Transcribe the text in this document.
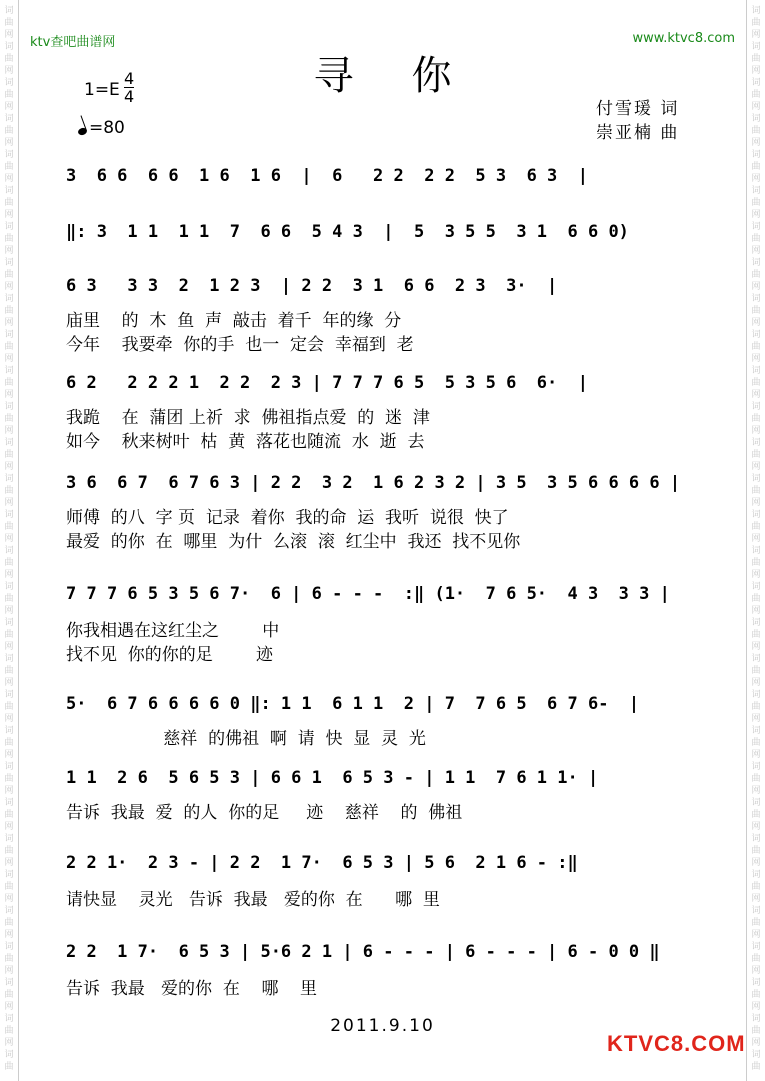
词
曲
网
词
曲
网
词
曲
网
词
曲
网
词
曲
网
词
曲
网
词
曲
网
词
曲
网
词
曲
网
词
曲
网
词
曲
网
词
曲
网
词
曲
网
词
曲
网
词
曲
网
词
曲
网
词
曲
网
词
曲
网
词
曲
网
词
曲
网
词
曲
网
词
曲
网
词
曲
网
词
曲
网
词
曲
网
词
曲
网
词
曲
网
词
曲
网
词
曲
网
词
曲
词
曲
网
词
曲
网
词
曲
网
词
曲
网
词
曲
网
词
曲
网
词
曲
网
词
曲
网
词
曲
网
词
曲
网
词
曲
网
词
曲
网
词
曲
网
词
曲
网
词
曲
网
词
曲
网
词
曲
网
词
曲
网
词
曲
网
词
曲
网
词
曲
网
词
曲
网
词
曲
网
词
曲
网
词
曲
网
词
曲
网
词
曲
网
词
曲
网
词
曲
网
词
曲
ktv查吧曲谱网	www.ktvc8.com
寻你
1=E
4
4
=80
付雪瑗 词
崇亚楠 曲
3  6 6  6 6  1 6  1 6  |  6   2 2  2 2  5 3  6 3  |
‖: 3  1 1  1 1  7  6 6  5 4 3  |  5  3 5 5  3 1  6 6 0)
6 3   3 3  2  1 2 3  | 2 2  3 1  6 6  2 3  3·  |
庙里    的  木  鱼  声  敲击  着千  年的缘  分
今年    我要牵  你的手  也一  定会  幸福到  老
6 2   2 2 2 1  2 2  2 3 | 7 7 7 6 5  5 3 5 6  6·  |
我跪    在  蒲团 上祈  求  佛祖指点爱  的  迷  津
如今    秋来树叶  枯  黄  落花也随流  水  逝  去
3 6  6 7  6 7 6 3 | 2 2  3 2  1 6 2 3 2 | 3 5  3 5 6 6 6 6 |
师傅  的八  字 页  记录  着你  我的命  运  我听  说很  快了
最爱  的你  在  哪里  为什  么滚  滚  红尘中  我还  找不见你
7 7 7 6 5 3 5 6 7·  6 | 6 - - -  :‖ (1·  7 6 5·  4 3  3 3 |
你我相遇在这红尘之        中
找不见  你的你的足        迹
5·  6 7 6 6 6 6 0 ‖: 1 1  6 1 1  2 | 7  7 6 5  6 7 6-  |
慈祥  的佛祖  啊  请  快  显  灵  光
1 1  2 6  5 6 5 3 | 6 6 1  6 5 3 - | 1 1  7 6 1 1· |
告诉  我最  爱  的人  你的足     迹    慈祥    的  佛祖
2 2 1·  2 3 - | 2 2  1 7·  6 5 3 | 5 6  2 1 6 - :‖
请快显    灵光   告诉  我最   爱的你  在      哪  里
2 2  1 7·  6 5 3 | 5·6 2 1 | 6 - - - | 6 - - - | 6 - 0 0 ‖
告诉  我最   爱的你  在    哪    里
2011.9.10
KTVC8.COM
